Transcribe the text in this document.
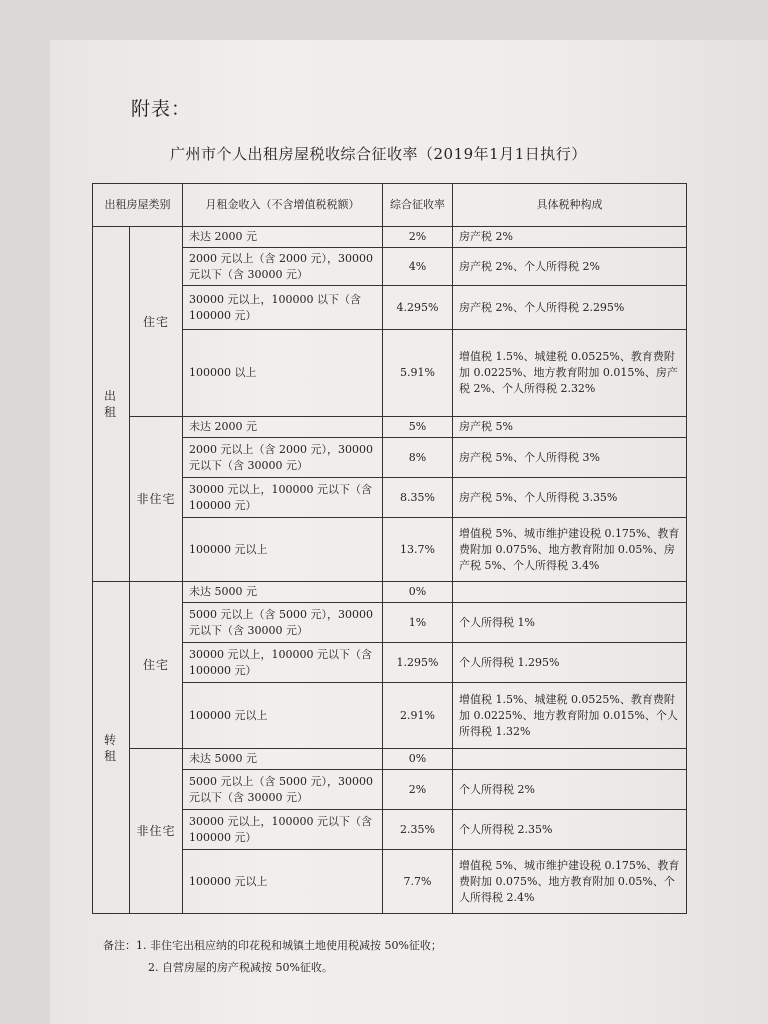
附表：
广州市个人出租房屋税收综合征收率（2019年1月1日执行）
出租房屋类别		月租金收入（不含增值税税额）	综合征收率	具体税种构成
出租	住宅	未达 2000 元	2%	房产税 2%
		2000 元以上（含 2000 元），30000 元以下（含 30000 元）	4%	房产税 2%、个人所得税 2%
		30000 元以上，100000 以下（含 100000 元）	4.295%	房产税 2%、个人所得税 2.295%
		100000 以上	5.91%	增值税 1.5%、城建税 0.0525%、教育费附加 0.0225%、地方教育附加 0.015%、房产税 2%、个人所得税 2.32%
	非住宅	未达 2000 元	5%	房产税 5%
		2000 元以上（含 2000 元），30000 元以下（含 30000 元）	8%	房产税 5%、个人所得税 3%
		30000 元以上，100000 元以下（含 100000 元）	8.35%	房产税 5%、个人所得税 3.35%
		100000 元以上	13.7%	增值税 5%、城市维护建设税 0.175%、教育费附加 0.075%、地方教育附加 0.05%、房产税 5%、个人所得税 3.4%
转租	住宅	未达 5000 元	0%	
		5000 元以上（含 5000 元），30000 元以下（含 30000 元）	1%	个人所得税 1%
		30000 元以上，100000 元以下（含 100000 元）	1.295%	个人所得税 1.295%
		100000 元以上	2.91%	增值税 1.5%、城建税 0.0525%、教育费附加 0.0225%、地方教育附加 0.015%、个人所得税 1.32%
	非住宅	未达 5000 元	0%	
		5000 元以上（含 5000 元），30000 元以下（含 30000 元）	2%	个人所得税 2%
		30000 元以上，100000 元以下（含 100000 元）	2.35%	个人所得税 2.35%
		100000 元以上	7.7%	增值税 5%、城市维护建设税 0.175%、教育费附加 0.075%、地方教育附加 0.05%、个人所得税 2.4%
备注：1. 非住宅出租应纳的印花税和城镇土地使用税减按 50%征收；
2. 自营房屋的房产税减按 50%征收。
